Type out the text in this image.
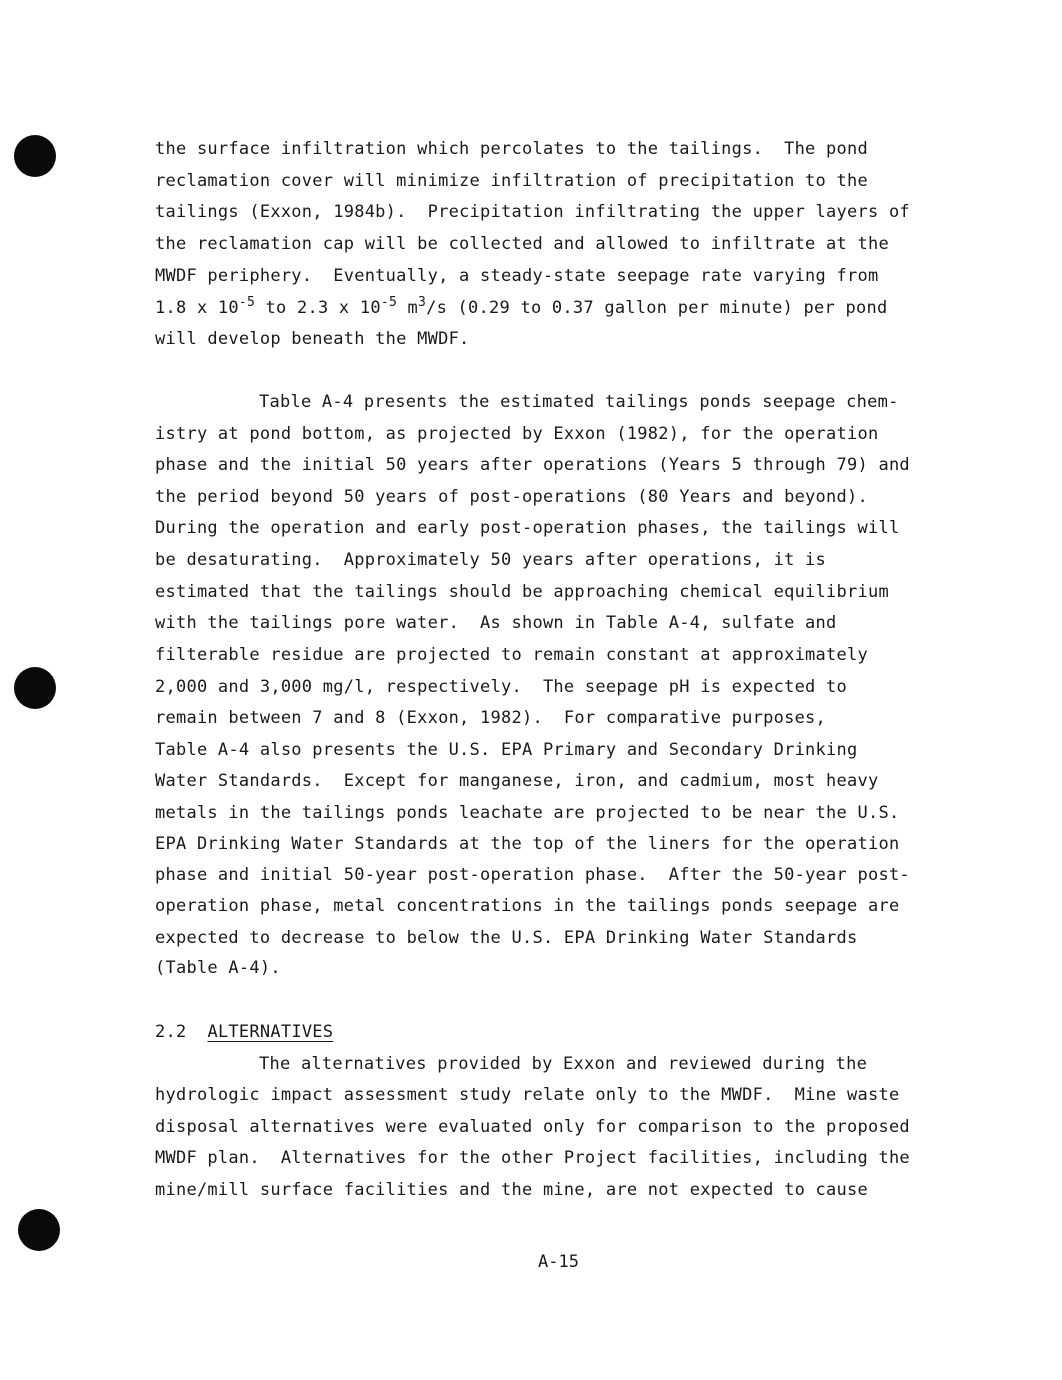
the surface infiltration which percolates to the tailings.  The pond
reclamation cover will minimize infiltration of precipitation to the
tailings (Exxon, 1984b).  Precipitation infiltrating the upper layers of
the reclamation cap will be collected and allowed to infiltrate at the
MWDF periphery.  Eventually, a steady-state seepage rate varying from
1.8 x $10^{-5}$ to 2.3 x $10^{-5}$ $m^3/s$ (0.29 to 0.37 gallon per minute) per pond
will develop beneath the MWDF.
Table A-4 presents the estimated tailings ponds seepage chem-
istry at pond bottom, as projected by Exxon (1982), for the operation
phase and the initial 50 years after operations (Years 5 through 79) and
the period beyond 50 years of post-operations (80 Years and beyond).
During the operation and early post-operation phases, the tailings will
be desaturating.  Approximately 50 years after operations, it is
estimated that the tailings should be approaching chemical equilibrium
with the tailings pore water.  As shown in Table A-4, sulfate and
filterable residue are projected to remain constant at approximately
2,000 and 3,000 mg/l, respectively.  The seepage pH is expected to
remain between 7 and 8 (Exxon, 1982).  For comparative purposes,
Table A-4 also presents the U.S. EPA Primary and Secondary Drinking
Water Standards.  Except for manganese, iron, and cadmium, most heavy
metals in the tailings ponds leachate are projected to be near the U.S.
EPA Drinking Water Standards at the top of the liners for the operation
phase and initial 50-year post-operation phase.  After the 50-year post-
operation phase, metal concentrations in the tailings ponds seepage are
expected to decrease to below the U.S. EPA Drinking Water Standards
(Table A-4).
2.2 ALTERNATIVES
The alternatives provided by Exxon and reviewed during the
hydrologic impact assessment study relate only to the MWDF.  Mine waste
disposal alternatives were evaluated only for comparison to the proposed
MWDF plan.  Alternatives for the other Project facilities, including the
mine/mill surface facilities and the mine, are not expected to cause
A-15
